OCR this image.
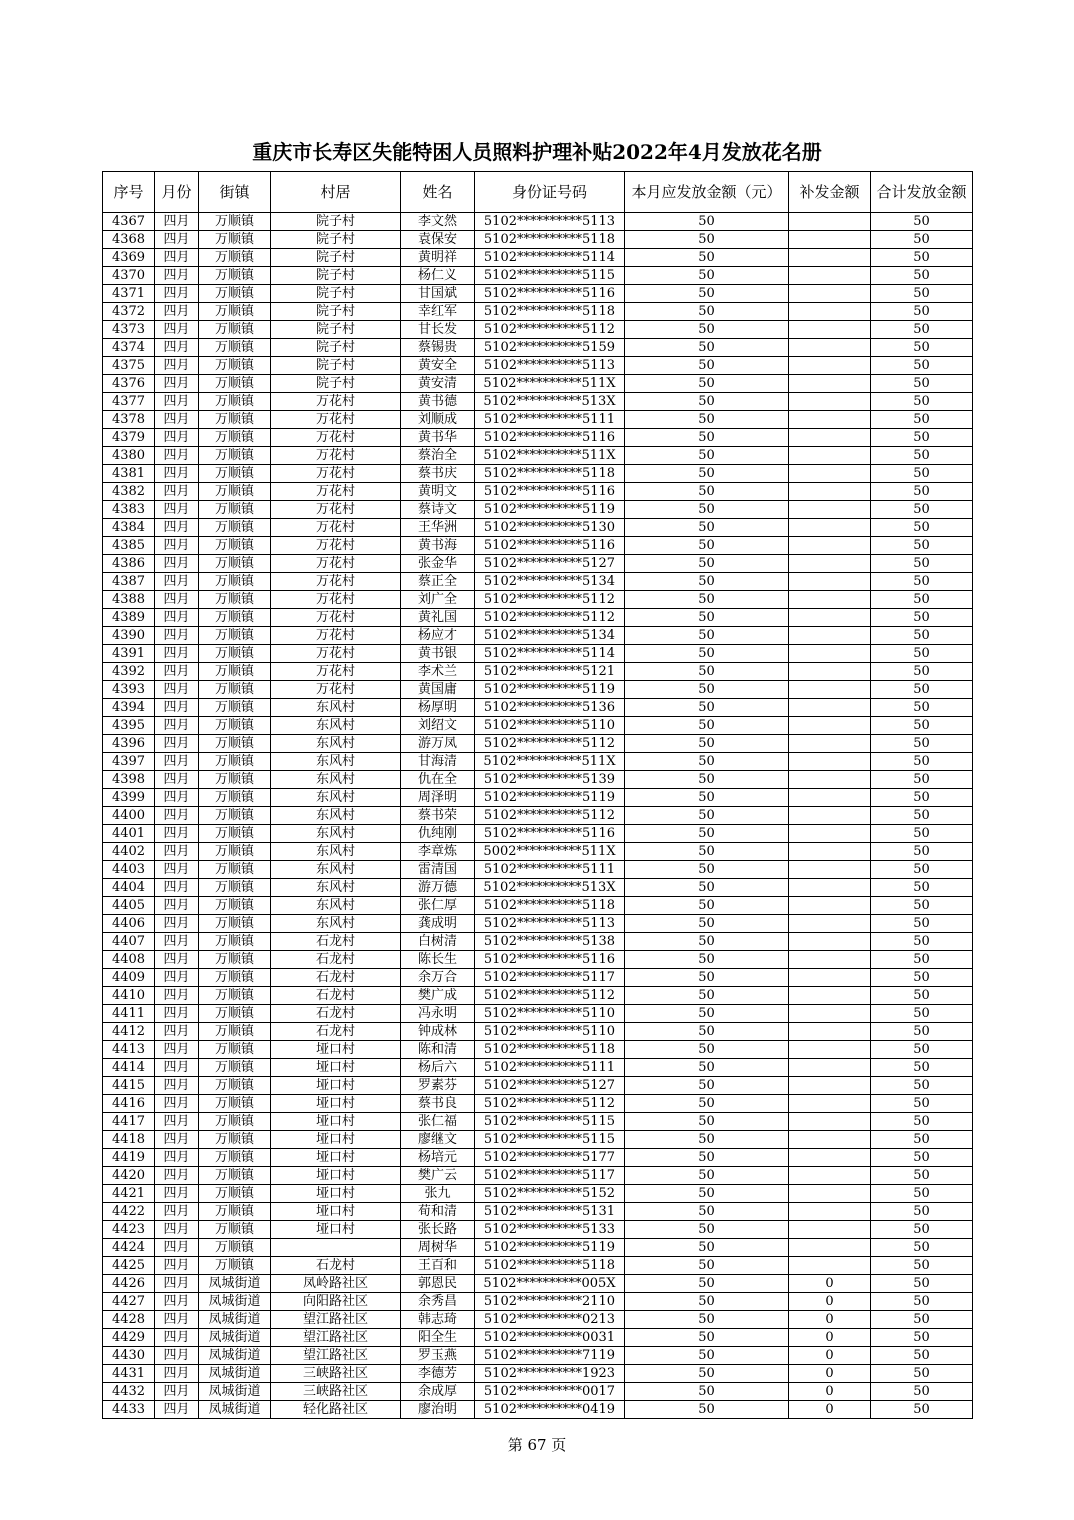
重庆市长寿区失能特困人员照料护理补贴2022年4月发放花名册
序号	月份	街镇	村居	姓名	身份证号码	本月应发放金额（元）	补发金额	合计发放金额
4367	四月	万顺镇	院子村	李文然	5102**********5113	50		50
4368	四月	万顺镇	院子村	袁保安	5102**********5118	50		50
4369	四月	万顺镇	院子村	黄明祥	5102**********5114	50		50
4370	四月	万顺镇	院子村	杨仁义	5102**********5115	50		50
4371	四月	万顺镇	院子村	甘国斌	5102**********5116	50		50
4372	四月	万顺镇	院子村	幸红军	5102**********5118	50		50
4373	四月	万顺镇	院子村	甘长发	5102**********5112	50		50
4374	四月	万顺镇	院子村	蔡锡贵	5102**********5159	50		50
4375	四月	万顺镇	院子村	黄安全	5102**********5113	50		50
4376	四月	万顺镇	院子村	黄安清	5102**********511X	50		50
4377	四月	万顺镇	万花村	黄书德	5102**********513X	50		50
4378	四月	万顺镇	万花村	刘顺成	5102**********5111	50		50
4379	四月	万顺镇	万花村	黄书华	5102**********5116	50		50
4380	四月	万顺镇	万花村	蔡治全	5102**********511X	50		50
4381	四月	万顺镇	万花村	蔡书庆	5102**********5118	50		50
4382	四月	万顺镇	万花村	黄明文	5102**********5116	50		50
4383	四月	万顺镇	万花村	蔡诗文	5102**********5119	50		50
4384	四月	万顺镇	万花村	王华洲	5102**********5130	50		50
4385	四月	万顺镇	万花村	黄书海	5102**********5116	50		50
4386	四月	万顺镇	万花村	张金华	5102**********5127	50		50
4387	四月	万顺镇	万花村	蔡正全	5102**********5134	50		50
4388	四月	万顺镇	万花村	刘广全	5102**********5112	50		50
4389	四月	万顺镇	万花村	黄礼国	5102**********5112	50		50
4390	四月	万顺镇	万花村	杨应才	5102**********5134	50		50
4391	四月	万顺镇	万花村	黄书银	5102**********5114	50		50
4392	四月	万顺镇	万花村	李术兰	5102**********5121	50		50
4393	四月	万顺镇	万花村	黄国庸	5102**********5119	50		50
4394	四月	万顺镇	东风村	杨厚明	5102**********5136	50		50
4395	四月	万顺镇	东风村	刘绍文	5102**********5110	50		50
4396	四月	万顺镇	东风村	游万凤	5102**********5112	50		50
4397	四月	万顺镇	东风村	甘海清	5102**********511X	50		50
4398	四月	万顺镇	东风村	仇在全	5102**********5139	50		50
4399	四月	万顺镇	东风村	周泽明	5102**********5119	50		50
4400	四月	万顺镇	东风村	蔡书荣	5102**********5112	50		50
4401	四月	万顺镇	东风村	仇纯刚	5102**********5116	50		50
4402	四月	万顺镇	东风村	李章炼	5002**********511X	50		50
4403	四月	万顺镇	东风村	雷清国	5102**********5111	50		50
4404	四月	万顺镇	东风村	游万德	5102**********513X	50		50
4405	四月	万顺镇	东风村	张仁厚	5102**********5118	50		50
4406	四月	万顺镇	东风村	龚成明	5102**********5113	50		50
4407	四月	万顺镇	石龙村	白树清	5102**********5138	50		50
4408	四月	万顺镇	石龙村	陈长生	5102**********5116	50		50
4409	四月	万顺镇	石龙村	余万合	5102**********5117	50		50
4410	四月	万顺镇	石龙村	樊广成	5102**********5112	50		50
4411	四月	万顺镇	石龙村	冯永明	5102**********5110	50		50
4412	四月	万顺镇	石龙村	钟成林	5102**********5110	50		50
4413	四月	万顺镇	垭口村	陈和清	5102**********5118	50		50
4414	四月	万顺镇	垭口村	杨后六	5102**********5111	50		50
4415	四月	万顺镇	垭口村	罗素芬	5102**********5127	50		50
4416	四月	万顺镇	垭口村	蔡书良	5102**********5112	50		50
4417	四月	万顺镇	垭口村	张仁福	5102**********5115	50		50
4418	四月	万顺镇	垭口村	廖继文	5102**********5115	50		50
4419	四月	万顺镇	垭口村	杨培元	5102**********5177	50		50
4420	四月	万顺镇	垭口村	樊广云	5102**********5117	50		50
4421	四月	万顺镇	垭口村	张九	5102**********5152	50		50
4422	四月	万顺镇	垭口村	荀和清	5102**********5131	50		50
4423	四月	万顺镇	垭口村	张长路	5102**********5133	50		50
4424	四月	万顺镇		周树华	5102**********5119	50		50
4425	四月	万顺镇	石龙村	王百和	5102**********5118	50		50
4426	四月	凤城街道	凤岭路社区	郭恩民	5102**********005X	50	0	50
4427	四月	凤城街道	向阳路社区	余秀昌	5102**********2110	50	0	50
4428	四月	凤城街道	望江路社区	韩志琦	5102**********0213	50	0	50
4429	四月	凤城街道	望江路社区	阳全生	5102**********0031	50	0	50
4430	四月	凤城街道	望江路社区	罗玉燕	5102**********7119	50	0	50
4431	四月	凤城街道	三峡路社区	李德芳	5102**********1923	50	0	50
4432	四月	凤城街道	三峡路社区	余成厚	5102**********0017	50	0	50
4433	四月	凤城街道	轻化路社区	廖治明	5102**********0419	50	0	50
第 67 页
